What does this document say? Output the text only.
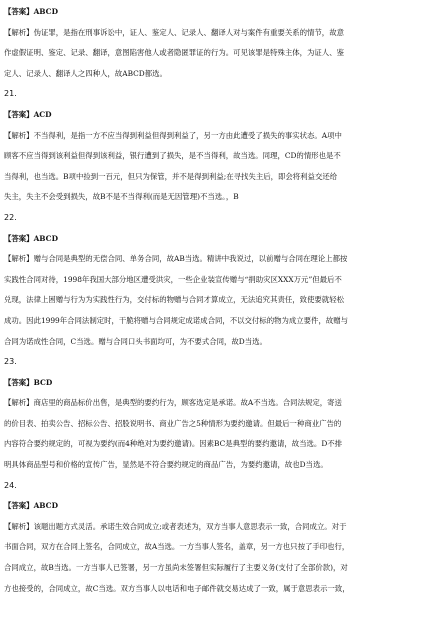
【答案】ABCD
【解析】伪证罪，是指在刑事诉讼中，证人、鉴定人、记录人、翻译人对与案件有重要关系的情节，故意
作虚假证明、鉴定、记录、翻译，意图陷害他人或者隐匿罪证的行为。可见该罪是特殊主体，为证人、鉴
定人、记录人、翻译人之四种人，故ABCD都选。
21.
【答案】ACD
【解析】不当得利，是指一方不应当得到利益但得到利益了，另一方由此遭受了损失的事实状态。A项中
顾客不应当得到该利益但得到该利益，银行遭到了损失，是不当得利，故当选。同理，CD的情形也是不
当得利，也当选。B项中捡到一百元，但只为保管，并不是得到利益;在寻找失主后，即会将利益交还给
失主，失主不会受到损失，故B不是不当得利(而是无因管理)不当选。，B
22.
【答案】ABCD
【解析】赠与合同是典型的无偿合同、单务合同，故AB当选。精讲中我说过，以前赠与合同在理论上都按
实践性合同对待，1998年我国大部分地区遭受洪灾，一些企业装宣传赠与“捐助灾区XXX万元”但最后不
兑现，法律上困赠与行为为实践性行为，交付标的物赠与合同才算成立，无法追究其责任，致使要就轻松
成功。因此1999年合同法制定时，干脆将赠与合同规定成诺成合同，不以交付标的物为成立要件，故赠与
合同为诺成性合同，C当选。赠与合同口头书面均可，为不要式合同，故D当选。
23.
【答案】BCD
【解析】商店里的商品标价出售，是典型的要约行为，顾客选定是承诺。故A不当选。合同法规定，寄送
的价目表、拍卖公告、招标公告、招股说明书、商业广告之5种情形为要约邀请。但最后一种商业广告的
内容符合要约规定的，可视为要约(而4种绝对为要约邀请)。因素BC是典型的要约邀请，故当选。D不排
明具体商品型号和价格的宣传广告，显然是不符合要约规定的商品广告，为要约邀请，故也D当选。
24.
【答案】ABCD
【解析】该题出题方式灵活。承诺生效合同成立;或者表述为，双方当事人意思表示一致，合同成立。对于
书面合同，双方在合同上签名，合同成立，故A当选。一方当事人签名，盖章，另一方也只按了手印也行，
合同成立，故B当选。一方当事人已签署，另一方虽尚未签署但实际履行了主要义务(支付了全部价款)，对
方也接受的，合同成立，故C当选。双方当事人以电话和电子邮件就交易达成了一致，属于意思表示一致，
